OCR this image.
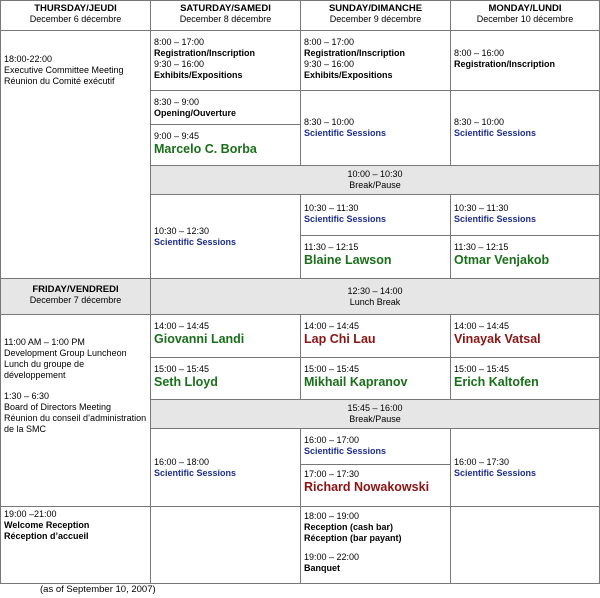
THURSDAY/JEUDI
December 6 décembre
SATURDAY/SAMEDI
December 8 décembre
SUNDAY/DIMANCHE
December 9 décembre
MONDAY/LUNDI
December 10 décembre
18:00-22:00
Executive Committee Meeting
Réunion du Comité exécutif
8:00 – 17:00
Registration/Inscription
9:30 – 16:00
Exhibits/Expositions
8:30 – 9:00
Opening/Ouverture
9:00 – 9:45
Marcelo C. Borba
8:00 – 17:00
Registration/Inscription
9:30 – 16:00
Exhibits/Expositions
8:30 – 10:00
Scientific Sessions
8:00 – 16:00
Registration/Inscription
8:30 – 10:00
Scientific Sessions
10:00 – 10:30
Break/Pause
10:30 – 12:30
Scientific Sessions
10:30 – 11:30
Scientific Sessions
11:30 – 12:15
Blaine Lawson
10:30 – 11:30
Scientific Sessions
11:30 – 12:15
Otmar Venjakob
FRIDAY/VENDREDI
December 7 décembre
12:30 – 14:00
Lunch Break
11:00 AM – 1:00 PM
Development Group Luncheon
Lunch du groupe de développement
1:30 – 6:30
Board of Directors Meeting
Réunion du conseil d’administration de la SMC
19:00 –21:00
Welcome Reception
Réception d’accueil
14:00 – 14:45
Giovanni Landi
14:00 – 14:45
Lap Chi Lau
14:00 – 14:45
Vinayak Vatsal
15:00 – 15:45
Seth Lloyd
15:00 – 15:45
Mikhail Kapranov
15:00 – 15:45
Erich Kaltofen
15:45 – 16:00
Break/Pause
16:00 – 18:00
Scientific Sessions
16:00 – 17:00
Scientific Sessions
17:00 – 17:30
Richard Nowakowski
16:00 – 17:30
Scientific Sessions
18:00 – 19:00
Reception (cash bar)
Réception (bar payant)
19:00 – 22:00
Banquet
(as of September 10, 2007)
